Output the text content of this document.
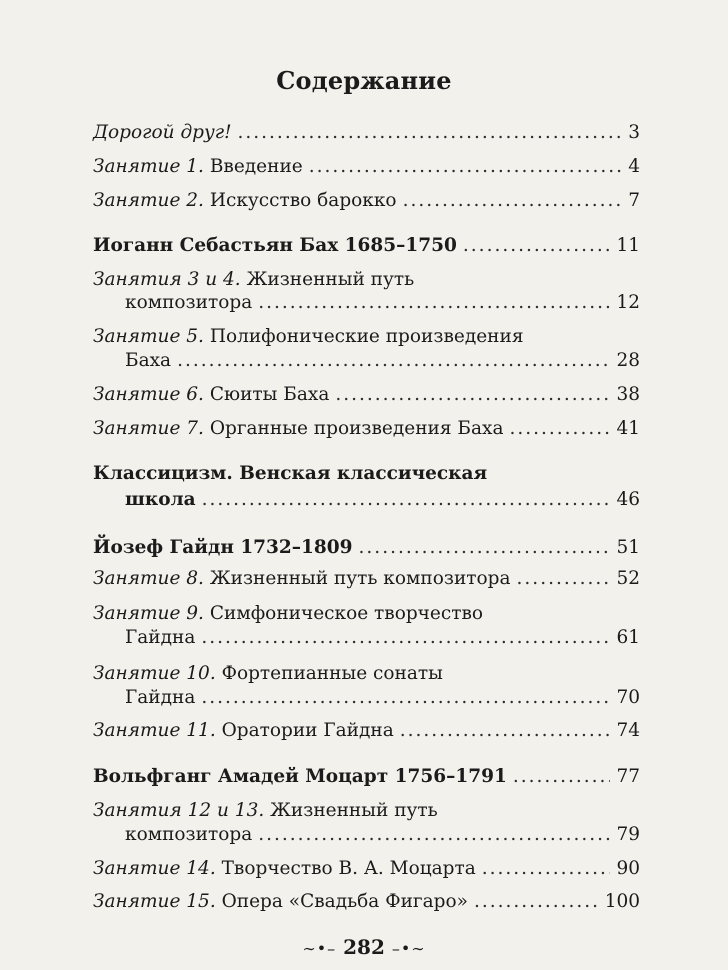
Содержание
Дорогой друг! .....	3
Занятие 1. Введение .....	4
Занятие 2. Искусство барокко .....	7
Иоганн Себастьян Бах 1685–1750 .....	11
Занятия 3 и 4. Жизненный путь
композитора .....	12
Занятие 5. Полифонические произведения
Баха .....	28
Занятие 6. Сюиты Баха .....	38
Занятие 7. Органные произведения Баха .....	41
Классицизм. Венская классическая
школа .....	46
Йозеф Гайдн 1732–1809 .....	51
Занятие 8. Жизненный путь композитора .....	52
Занятие 9. Симфоническое творчество
Гайдна .....	61
Занятие 10. Фортепианные сонаты
Гайдна .....	70
Занятие 11. Оратории Гайдна .....	74
Вольфганг Амадей Моцарт 1756–1791 .....	77
Занятия 12 и 13. Жизненный путь
композитора .....	79
Занятие 14. Творчество В. А. Моцарта .....	90
Занятие 15. Опера «Свадьба Фигаро» .....	100
∼•– 282 –•∼
